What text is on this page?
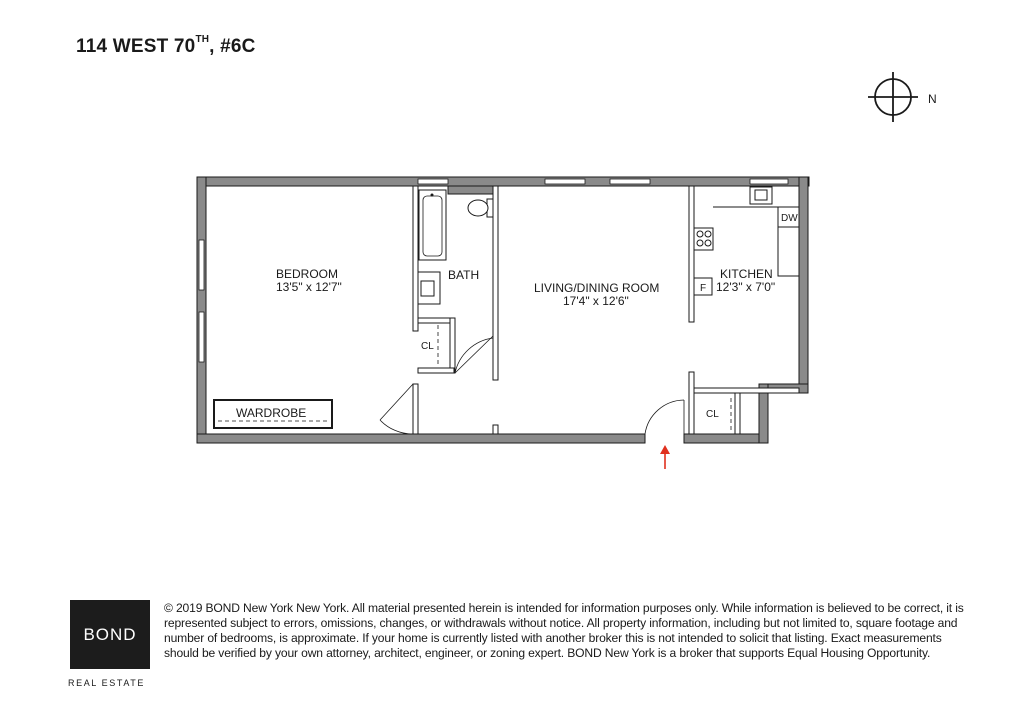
114 WEST 70TH, #6C
N
DW
F
WARDROBE
BEDROOM
13'5" x 12'7"
BATH
LIVING/DINING ROOM
17'4" x 12'6"
KITCHEN
12'3" x 7'0"
CL
CL
BOND
REAL ESTATE
© 2019 BOND New York New York. All material presented herein is intended for information purposes only. While information is believed to be correct, it is represented subject to errors, omissions, changes, or withdrawals without notice. All property information, including but not limited to, square footage and number of bedrooms, is approximate. If your home is currently listed with another broker this is not intended to solicit that listing. Exact measurements should be verified by your own attorney, architect, engineer, or zoning expert. BOND New York is a broker that supports Equal Housing Opportunity.
